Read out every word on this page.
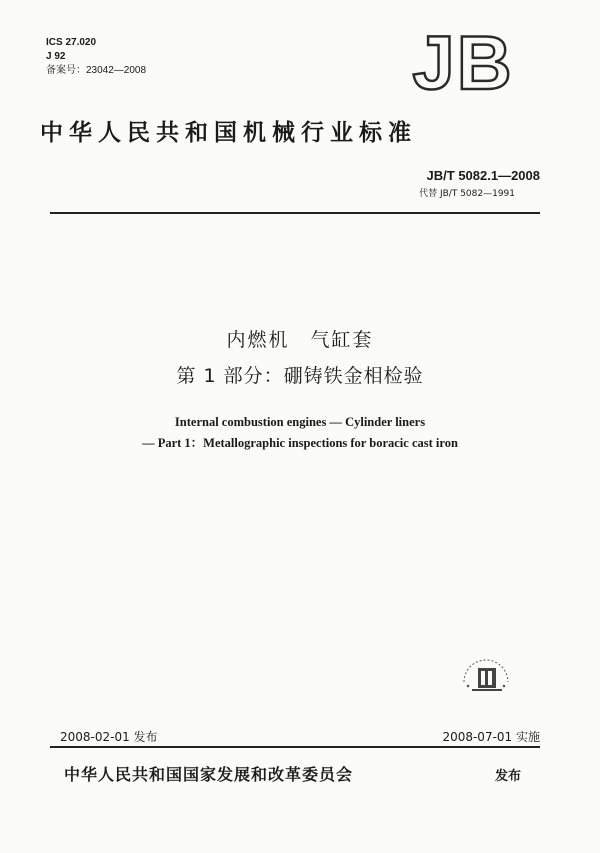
ICS 27.020
J 92
备案号：23042—2008	JB
中华人民共和国机械行业标准
JB/T 5082.1—2008
代替 JB/T 5082—1991
内燃机　气缸套
第 1 部分：硼铸铁金相检验
Internal combustion engines — Cylinder liners
— Part 1：Metallographic inspections for boracic cast iron
2008-02-01 发布	2008-07-01 实施
中华人民共和国国家发展和改革委员会	发布
